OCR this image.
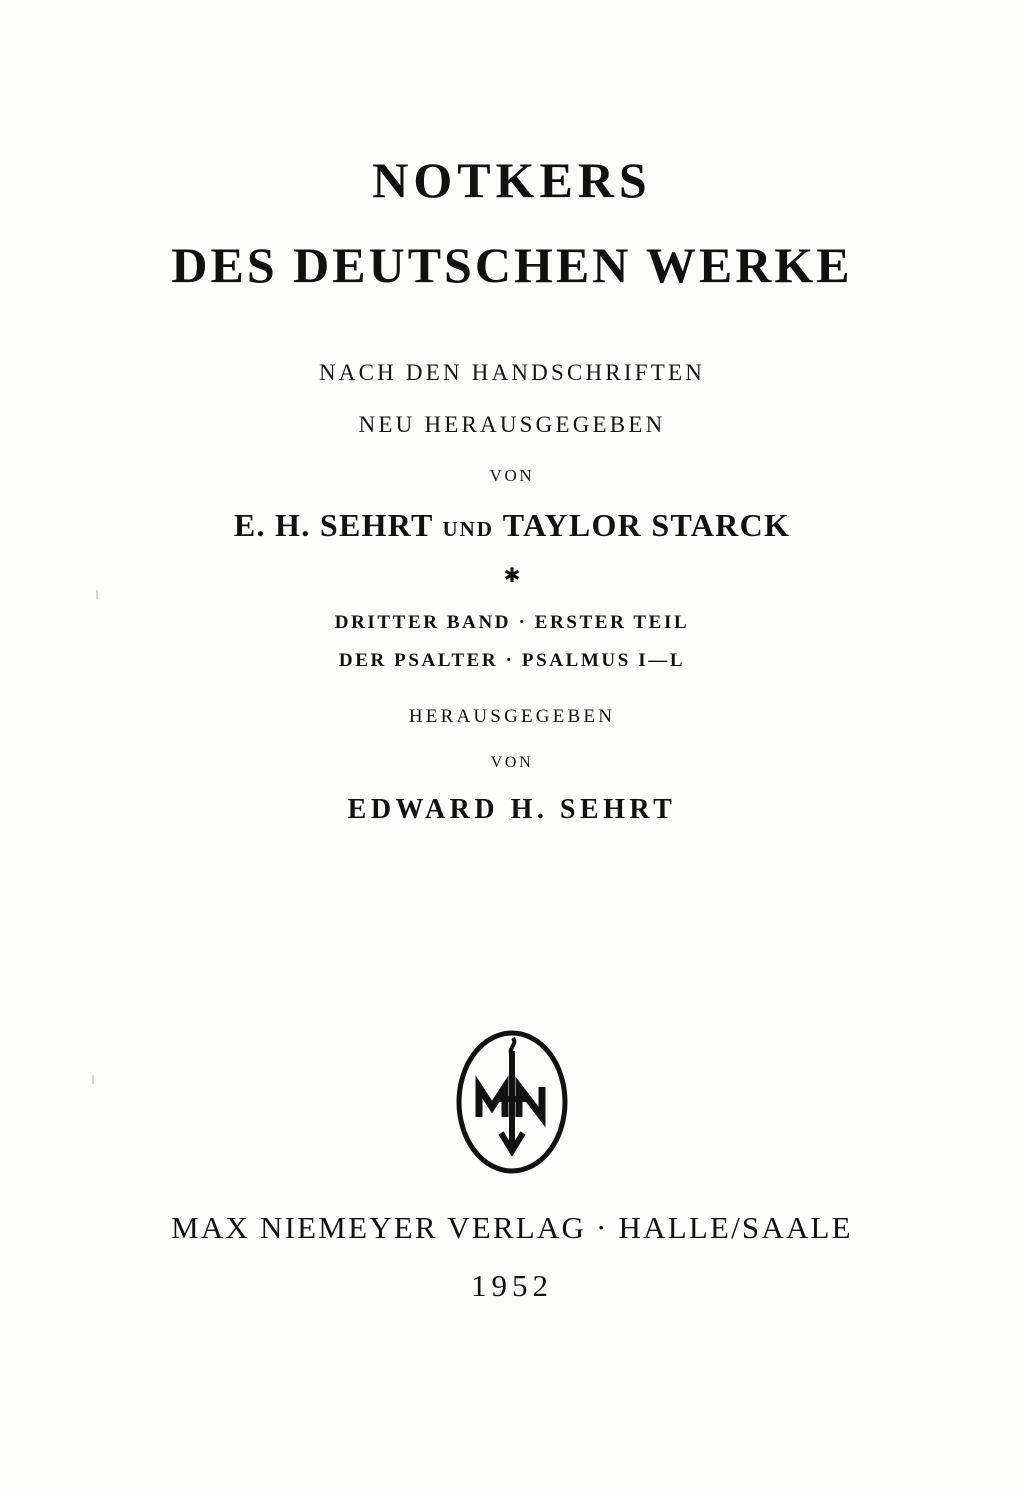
NOTKERS
DES DEUTSCHEN WERKE
NACH DEN HANDSCHRIFTEN
NEU HERAUSGEGEBEN
VON
E. H. SEHRT UND TAYLOR STARCK
✱
DRITTER BAND · ERSTER TEIL
DER PSALTER · PSALMUS I—L
HERAUSGEGEBEN
VON
EDWARD H. SEHRT
MAX NIEMEYER VERLAG · HALLE/SAALE
1952
